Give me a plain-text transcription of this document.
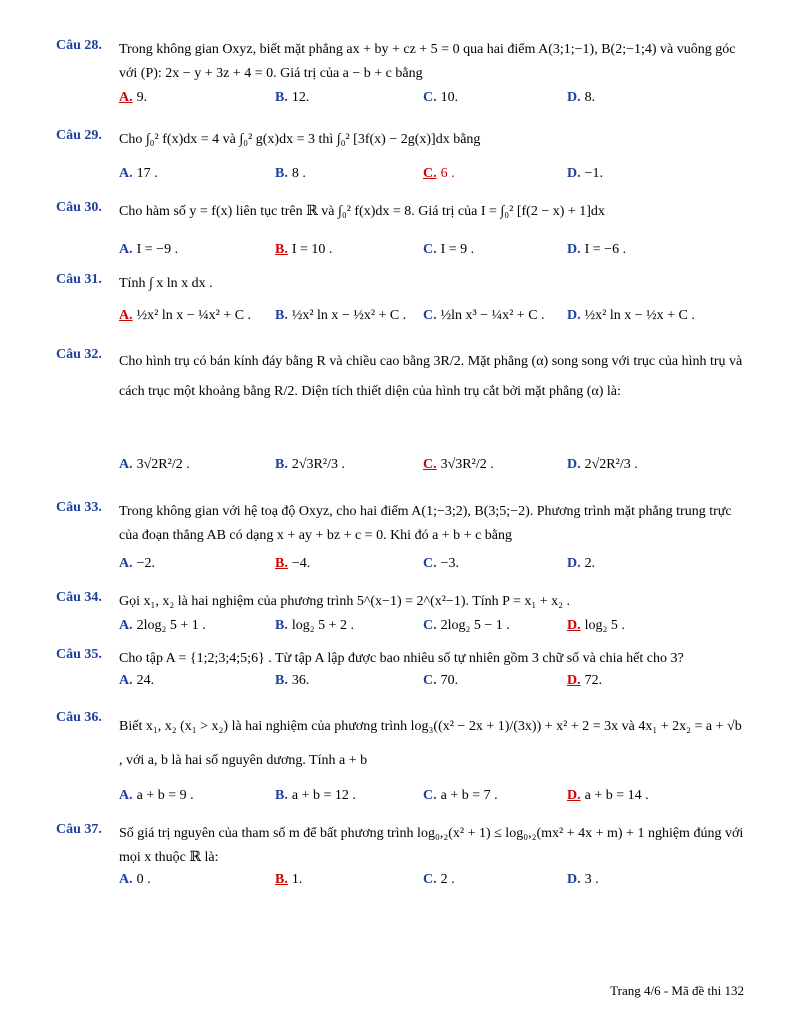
Câu 28. Trong không gian Oxyz, biết mặt phẳng ax + by + cz + 5 = 0 qua hai điểm A(3;1;−1), B(2;−1;4) và vuông góc với (P): 2x − y + 3z + 4 = 0. Giá trị của a − b + c bằng
A. 9.	B. 12.	C. 10.	D. 8.
Câu 29. Cho ∫₀² f(x)dx = 4 và ∫₀² g(x)dx = 3 thì ∫₀² [3f(x) − 2g(x)]dx bằng
A. 17 .	B. 8 .	C. 6 .	D. −1.
Câu 30. Cho hàm số y = f(x) liên tục trên ℝ và ∫₀² f(x)dx = 8. Giá trị của I = ∫₀² [f(2 − x) + 1]dx
A. I = −9 .	B. I = 10 .	C. I = 9 .	D. I = −6 .
Câu 31. Tính ∫ x ln x dx .
A. ½x² ln x − ¼x² + C . B. ½x² ln x − ½x² + C . C. ½ln x³ − ¼x² + C . D. ½x² ln x − ½x + C .
Câu 32. Cho hình trụ có bán kính đáy bằng R và chiều cao bằng 3R/2. Mặt phẳng (α) song song với trục của hình trụ và cách trục một khoảng bằng R/2. Diện tích thiết diện của hình trụ cắt bởi mặt phẳng (α) là:
A. 3√2R²/2 .	B. 2√3R²/3 .	C. 3√3R²/2 .	D. 2√2R²/3 .
Câu 33. Trong không gian với hệ toạ độ Oxyz, cho hai điểm A(1;−3;2), B(3;5;−2). Phương trình mặt phẳng trung trực của đoạn thẳng AB có dạng x + ay + bz + c = 0. Khi đó a + b + c bằng
A. −2.	B. −4.	C. −3.	D. 2.
Câu 34. Gọi x₁, x₂ là hai nghiệm của phương trình 5^(x−1) = 2^(x²−1). Tính P = x₁ + x₂ .
A. 2log₂ 5 + 1 .	B. log₂ 5 + 2 .	C. 2log₂ 5 − 1 .	D. log₂ 5 .
Câu 35. Cho tập A = {1;2;3;4;5;6} . Từ tập A lập được bao nhiêu số tự nhiên gồm 3 chữ số và chia hết cho 3?
A. 24.	B. 36.	C. 70.	D. 72.
Câu 36.
Biết x₁, x₂ (x₁ > x₂) là hai nghiệm của phương trình log₃((x² − 2x + 1)/(3x)) + x² + 2 = 3x và 4x₁ + 2x₂ = a + √b , với a, b là hai số nguyên dương. Tính a + b
A. a + b = 9 .	B. a + b = 12 .	C. a + b = 7 .	D. a + b = 14 .
Câu 37. Số giá trị nguyên của tham số m để bất phương trình log₀,₂(x² + 1) ≤ log₀,₂(mx² + 4x + m) + 1 nghiệm đúng với mọi x thuộc ℝ là:
A. 0 .	B. 1.	C. 2 .	D. 3 .
Trang 4/6 - Mã đề thi 132
